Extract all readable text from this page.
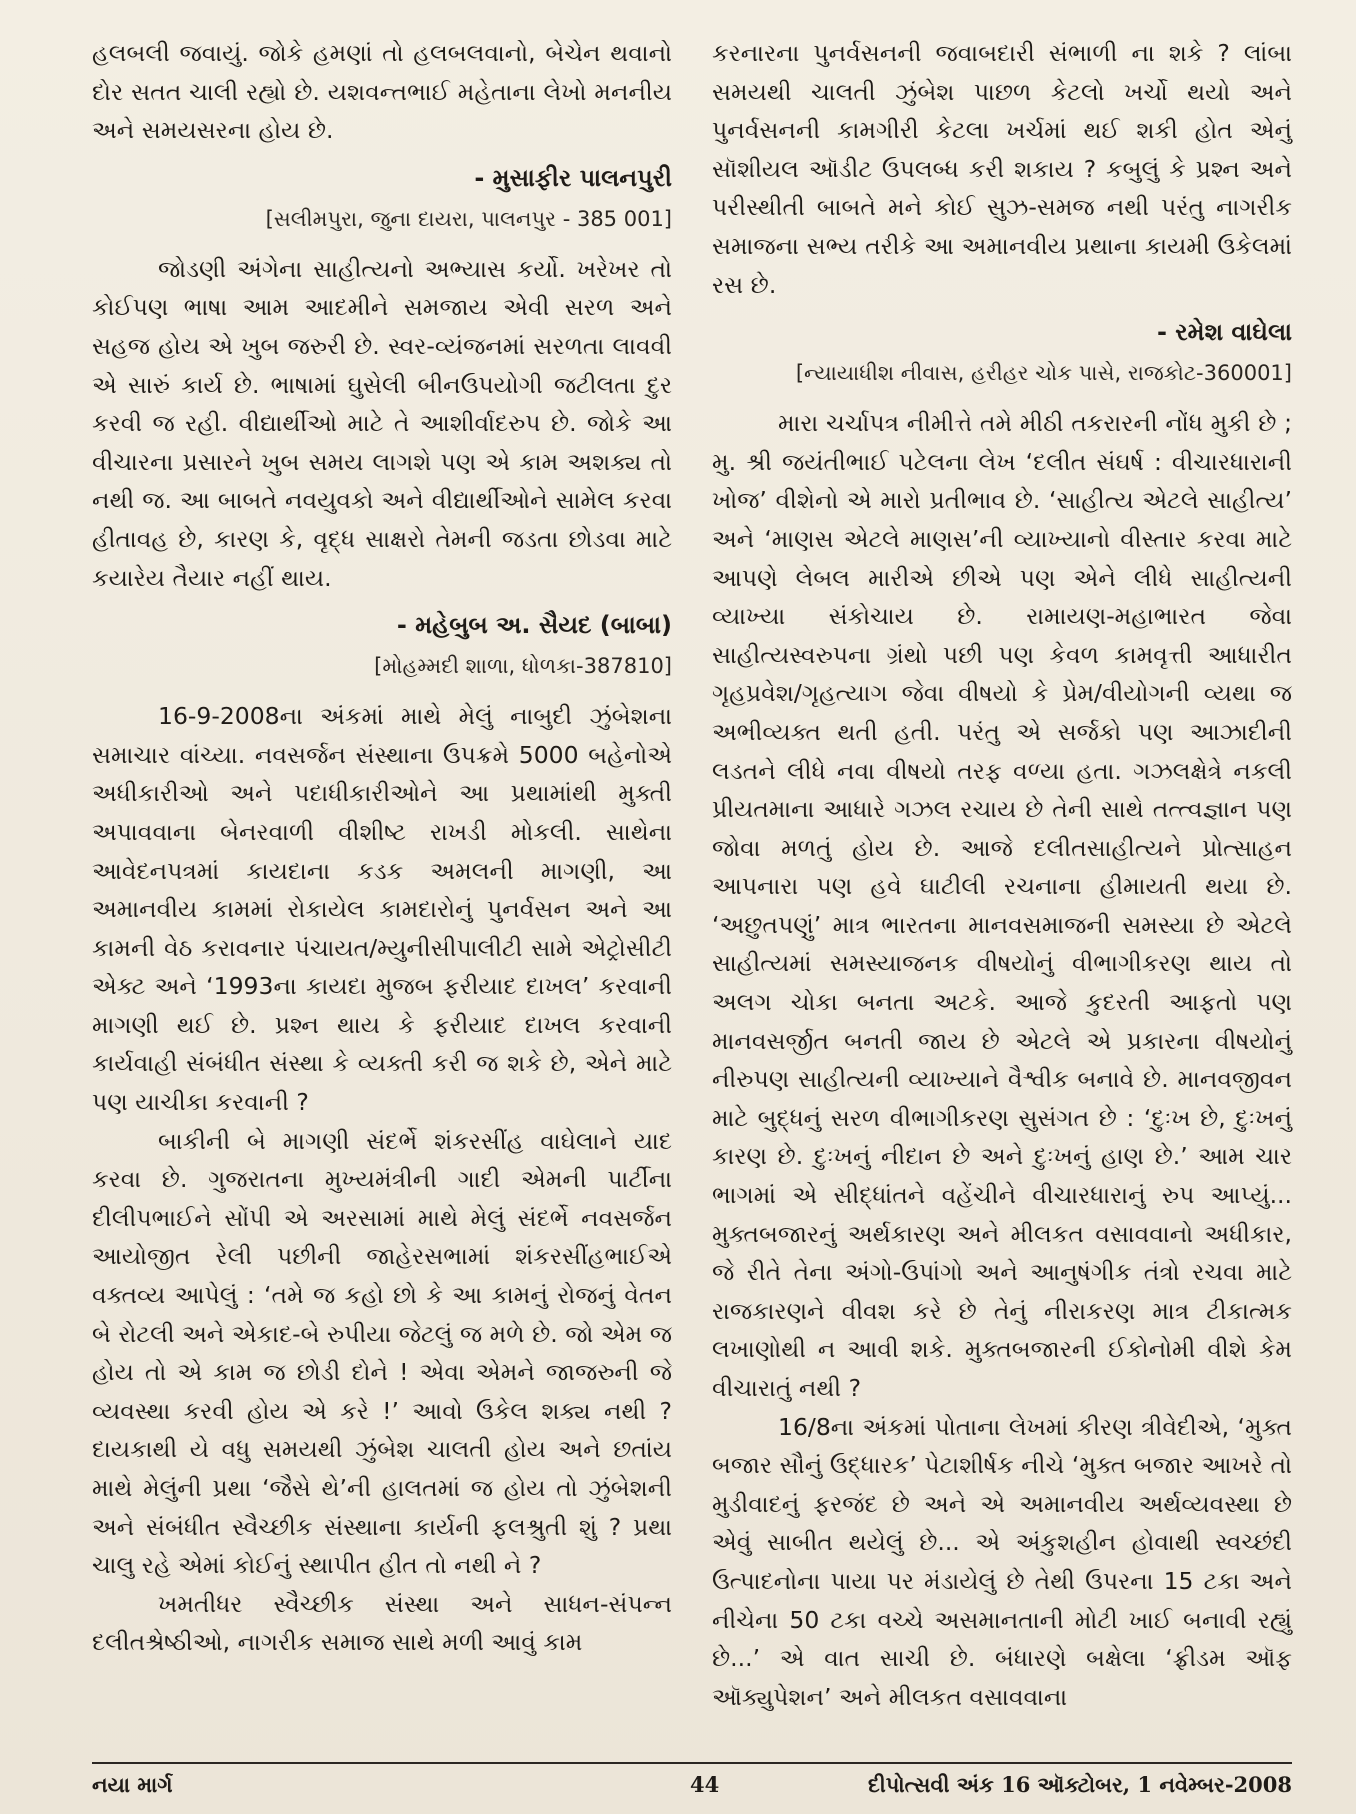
હલબલી જવાયું. જોકે હમણાં તો હલબલવાનો, બેચેન થવાનો દોર સતત ચાલી રહ્યો છે. યશવન્તભાઈ મહેતાના લેખો મનનીય અને સમયસરના હોય છે.

- મુસાફીર પાલનપુરી
[સલીમપુરા, જુના દાયરા, પાલનપુર - 385 001]

જોડણી અંગેના સાહીત્યનો અભ્યાસ કર્યો. ખરેખર તો કોઈપણ ભાષા આમ આદમીને સમજાય એવી સરળ અને સહજ હોય એ ખુબ જરુરી છે. સ્વર-વ્યંજનમાં સરળતા લાવવી એ સારું કાર્ય છે. ભાષામાં ઘુસેલી બીનઉપયોગી જટીલતા દુર કરવી જ રહી. વીદ્યાર્થીઓ માટે તે આશીર્વાદરુપ છે. જોકે આ વીચારના પ્રસારને ખુબ સમય લાગશે પણ એ કામ અશક્ય તો નથી જ. આ બાબતે નવયુવકો અને વીદ્યાર્થીઓને સામેલ કરવા હીતાવહ છે, કારણ કે, વૃદ્ધ સાક્ષરો તેમની જડતા છોડવા માટે કયારેય તૈયાર નહીં થાય.

- મહેબુબ અ. સૈયદ (બાબા)
[મોહમ્મદી શાળા, ધોળકા-387810]

16-9-2008ના અંકમાં માથે મેલું નાબુદી ઝુંબેશના સમાચાર વાંચ્યા. નવસર્જન સંસ્થાના ઉપક્રમે 5000 બહેનોએ અધીકારીઓ અને પદાધીકારીઓને આ પ્રથામાંથી મુક્તી અપાવવાના બેનરવાળી વીશીષ્ટ રાખડી મોકલી. સાથેના આવેદનપત્રમાં કાયદાના કડક અમલની માગણી, આ અમાનવીય કામમાં રોકાયેલ કામદારોનું પુનર્વસન અને આ કામની વેઠ કરાવનાર પંચાયત/મ્યુનીસીપાલીટી સામે એટ્રોસીટી એક્ટ અને ‘1993ના કાયદા મુજબ ફરીયાદ દાખલ’ કરવાની માગણી થઈ છે. પ્રશ્ન થાય કે ફરીયાદ દાખલ કરવાની કાર્યવાહી સંબંધીત સંસ્થા કે વ્યક્તી કરી જ શકે છે, એને માટે પણ યાચીકા કરવાની ?

બાકીની બે માગણી સંદર્ભે શંકરસીંહ વાઘેલાને યાદ કરવા છે. ગુજરાતના મુખ્યમંત્રીની ગાદી એમની પાર્ટીના દીલીપભાઈને સોંપી એ અરસામાં માથે મેલું સંદર્ભે નવસર્જન આયોજીત રેલી પછીની જાહેરસભામાં શંકરસીંહભાઈએ વક્તવ્ય આપેલું : ‘તમે જ કહો છો કે આ કામનું રોજનું વેતન બે રોટલી અને એકાદ-બે રુપીયા જેટલું જ મળે છે. જો એમ જ હોય તો એ કામ જ છોડી દોને ! એવા એમને જાજરુની જે વ્યવસ્થા કરવી હોય એ કરે !’ આવો ઉકેલ શક્ય નથી ? દાયકાથી યે વધુ સમયથી ઝુંબેશ ચાલતી હોય અને છતાંય માથે મેલુંની પ્રથા ‘જૈસે થે’ની હાલતમાં જ હોય તો ઝુંબેશની અને સંબંધીત સ્વૈચ્છીક સંસ્થાના કાર્યની ફલશ્રુતી શું ? પ્રથા ચાલુ રહે એમાં કોઈનું સ્થાપીત હીત તો નથી ને ?

ખમતીધર સ્વૈચ્છીક સંસ્થા અને સાધન-સંપન્ન દલીતશ્રેષ્ઠીઓ, નાગરીક સમાજ સાથે મળી આવું કામ

કરનારના પુનર્વસનની જવાબદારી સંભાળી ના શકે ? લાંબા સમયથી ચાલતી ઝુંબેશ પાછળ કેટલો ખર્ચો થયો અને પુનર્વસનની કામગીરી કેટલા ખર્ચમાં થઈ શકી હોત એનું સૉશીયલ ઑડીટ ઉપલબ્ધ કરી શકાય ? કબુલું કે પ્રશ્ન અને પરીસ્થીતી બાબતે મને કોઈ સુઝ-સમજ નથી પરંતુ નાગરીક સમાજના સભ્ય તરીકે આ અમાનવીય પ્રથાના કાયમી ઉકેલમાં રસ છે.

- રમેશ વાઘેલા
[ન્યાયાધીશ નીવાસ, હરીહર ચોક પાસે, રાજકોટ-360001]

મારા ચર્ચાપત્ર નીમીત્તે તમે મીઠી તકરારની નોંધ મુકી છે ; મુ. શ્રી જયંતીભાઈ પટેલના લેખ ‘દલીત સંઘર્ષ : વીચારધારાની ખોજ’ વીશેનો એ મારો પ્રતીભાવ છે. ‘સાહીત્ય એટલે સાહીત્ય’ અને ‘માણસ એટલે માણસ’ની વ્યાખ્યાનો વીસ્તાર કરવા માટે આપણે લેબલ મારીએ છીએ પણ એને લીધે સાહીત્યની વ્યાખ્યા સંકોચાય છે. રામાયણ-મહાભારત જેવા સાહીત્યસ્વરુપના ગ્રંથો પછી પણ કેવળ કામવૃત્તી આધારીત ગૃહપ્રવેશ/ગૃહત્યાગ જેવા વીષયો કે પ્રેમ/વીયોગની વ્યથા જ અભીવ્યક્ત થતી હતી. પરંતુ એ સર્જકો પણ આઝાદીની લડતને લીધે નવા વીષયો તરફ વળ્યા હતા. ગઝલક્ષેત્રે નકલી પ્રીયતમાના આધારે ગઝલ રચાય છે તેની સાથે તત્ત્વજ્ઞાન પણ જોવા મળતું હોય છે. આજે દલીતસાહીત્યને પ્રોત્સાહન આપનારા પણ હવે ઘાટીલી રચનાના હીમાયતી થયા છે. ‘અછુતપણું’ માત્ર ભારતના માનવસમાજની સમસ્યા છે એટલે સાહીત્યમાં સમસ્યાજનક વીષયોનું વીભાગીકરણ થાય તો અલગ ચોકા બનતા અટકે. આજે કુદરતી આફતો પણ માનવસર્જીત બનતી જાય છે એટલે એ પ્રકારના વીષયોનું નીરુપણ સાહીત્યની વ્યાખ્યાને વૈશ્વીક બનાવે છે. માનવજીવન માટે બુદ્ધનું સરળ વીભાગીકરણ સુસંગત છે : ‘દુઃખ છે, દુઃખનું કારણ છે. દુઃખનું નીદાન છે અને દુઃખનું હાણ છે.’ આમ ચાર ભાગમાં એ સીદ્ધાંતને વહેંચીને વીચારધારાનું રુપ આપ્યું... મુક્તબજારનું અર્થકારણ અને મીલકત વસાવવાનો અધીકાર, જે રીતે તેના અંગો-ઉપાંગો અને આનુષંગીક તંત્રો રચવા માટે રાજકારણને વીવશ કરે છે તેનું નીરાકરણ માત્ર ટીકાત્મક લખાણોથી ન આવી શકે. મુક્તબજારની ઈકોનોમી વીશે કેમ વીચારાતું નથી ?

16/8ના અંકમાં પોતાના લેખમાં કીરણ ત્રીવેદીએ, ‘મુક્ત બજાર સૌનું ઉદ્ધારક’ પેટાશીર્ષક નીચે ‘મુક્ત બજાર આખરે તો મુડીવાદનું ફરજંદ છે અને એ અમાનવીય અર્થવ્યવસ્થા છે એવું સાબીત થયેલું છે... એ અંકુશહીન હોવાથી સ્વચ્છંદી ઉત્પાદનોના પાયા પર મંડાયેલું છે તેથી ઉપરના 15 ટકા અને નીચેના 50 ટકા વચ્ચે અસમાનતાની મોટી ખાઈ બનાવી રહ્યું છે...’ એ વાત સાચી છે. બંધારણે બક્ષેલા ‘ફ્રીડમ ઑફ ઑક્યુપેશન’ અને મીલકત વસાવવાના

નયા માર્ગ	44	દીપોત્સવી અંક 16 ઑક્ટોબર, 1 નવેમ્બર-2008
